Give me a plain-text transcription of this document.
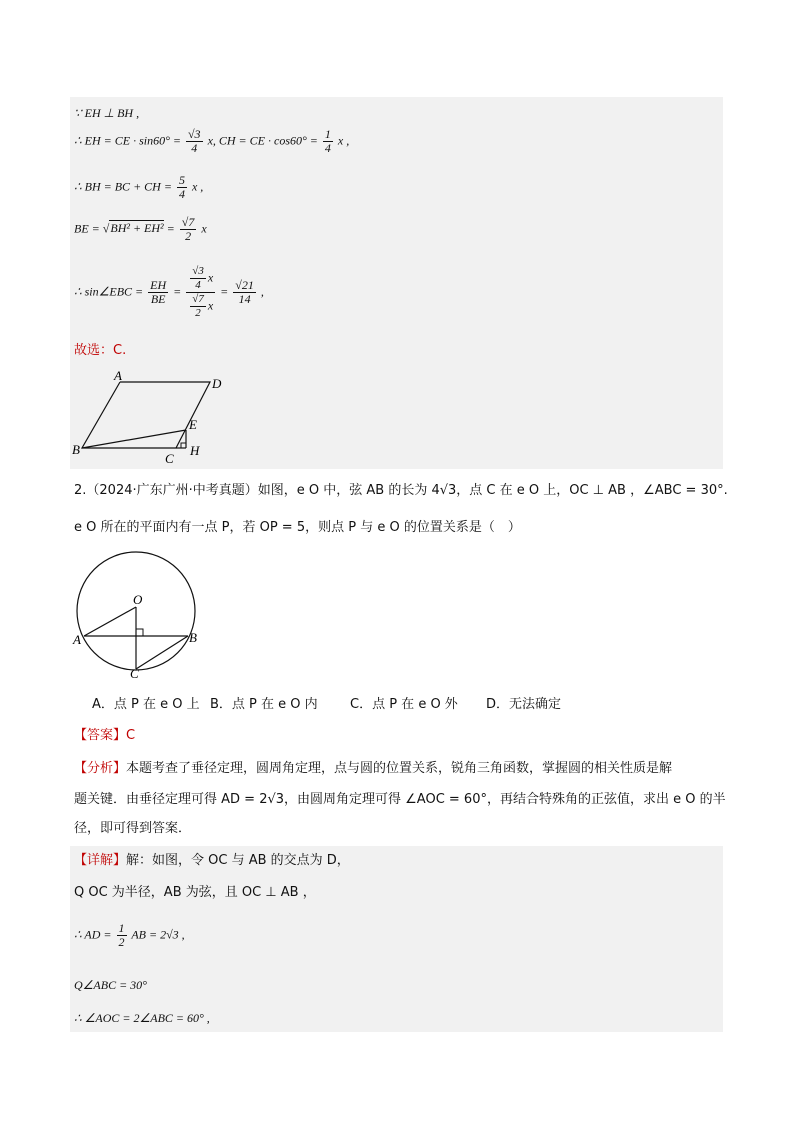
∵ EH ⊥ BH ,
∴ EH = CE · $\sin 60^\circ = \frac{√3}{4} x$, CH = CE · $\cos 60^\circ = \frac{1}{4}$ x ,
∴ BH = BC + CH = $\frac{5}{4}$ x ,
BE = $√BH^2 + EH^2 = \frac{√7}{2}$ x
∴ sin∠EBC = $\frac{EH}{BE} = \frac{\frac{√3}{4} x}{\frac{√7}{2} x} = \frac{√21}{14}$ ,
故选：C.
A
D
E
B
C
H
2.（2024·广东广州·中考真题）如图，e O 中，弦 AB 的长为 4√3，点 C 在 e O 上，OC ⊥ AB ，∠ABC = 30°.
e O 所在的平面内有一点 P，若 OP = 5，则点 P 与 e O 的位置关系是（　）
O
A	B
C
A．点 P 在 e O 上 B．点 P 在 e O 内 C．点 P 在 e O 外 D．无法确定
【答案】C
【分析】本题考查了垂径定理，圆周角定理，点与圆的位置关系，锐角三角函数，掌握圆的相关性质是解
题关键．由垂径定理可得 AD = 2√3，由圆周角定理可得 ∠AOC = 60°，再结合特殊角的正弦值，求出 e O 的半
径，即可得到答案．
【详解】解：如图，令 OC 与 AB 的交点为 D，
Q OC 为半径，AB 为弦，且 OC ⊥ AB ，
∴ AD = $\frac{1}{2}$ AB = 2√3 ,
Q∠ABC = 30°
∴ ∠AOC = 2∠ABC = 60° ,
